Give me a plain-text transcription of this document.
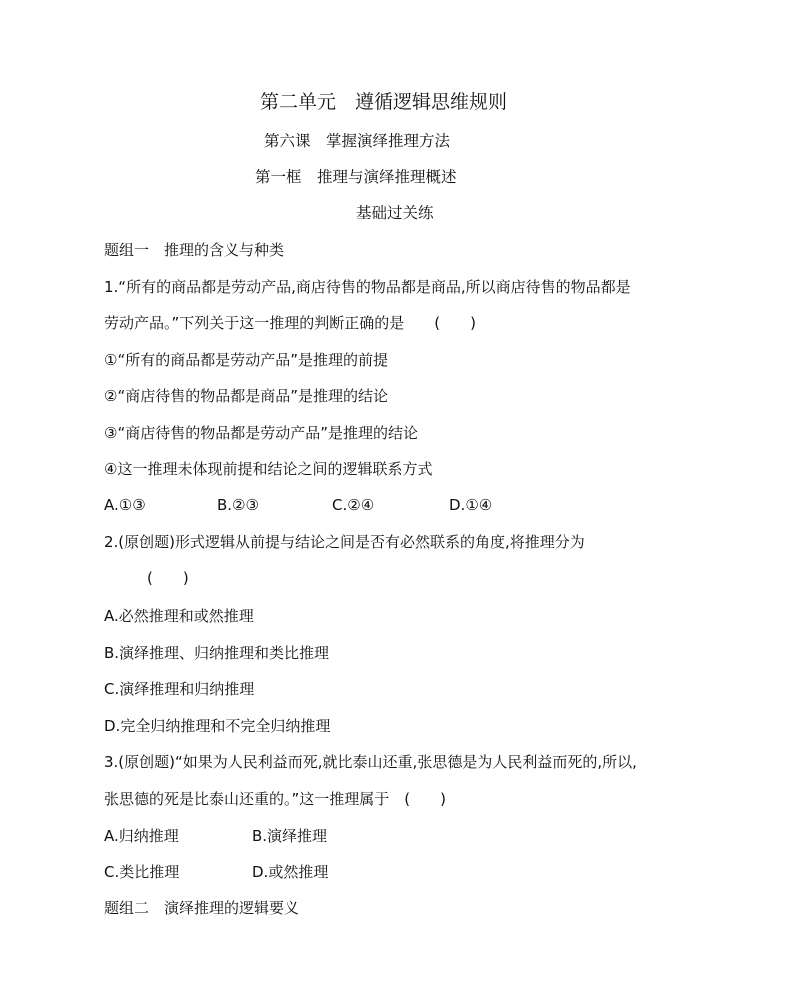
第二单元　遵循逻辑思维规则
第六课　掌握演绎推理方法
第一框　推理与演绎推理概述
基础过关练
题组一　推理的含义与种类
1.“所有的商品都是劳动产品,商店待售的物品都是商品,所以商店待售的物品都是
劳动产品。”下列关于这一推理的判断正确的是　　(　　)
①“所有的商品都是劳动产品”是推理的前提
②“商店待售的物品都是商品”是推理的结论
③“商店待售的物品都是劳动产品”是推理的结论
④这一推理未体现前提和结论之间的逻辑联系方式
A.①③	B.②③	C.②④	D.①④
2.(原创题)形式逻辑从前提与结论之间是否有必然联系的角度,将推理分为
(　　)
A.必然推理和或然推理
B.演绎推理、归纳推理和类比推理
C.演绎推理和归纳推理
D.完全归纳推理和不完全归纳推理
3.(原创题)“如果为人民利益而死,就比泰山还重,张思德是为人民利益而死的,所以,
张思德的死是比泰山还重的。”这一推理属于　(　　)
A.归纳推理	B.演绎推理
C.类比推理	D.或然推理
题组二　演绎推理的逻辑要义
